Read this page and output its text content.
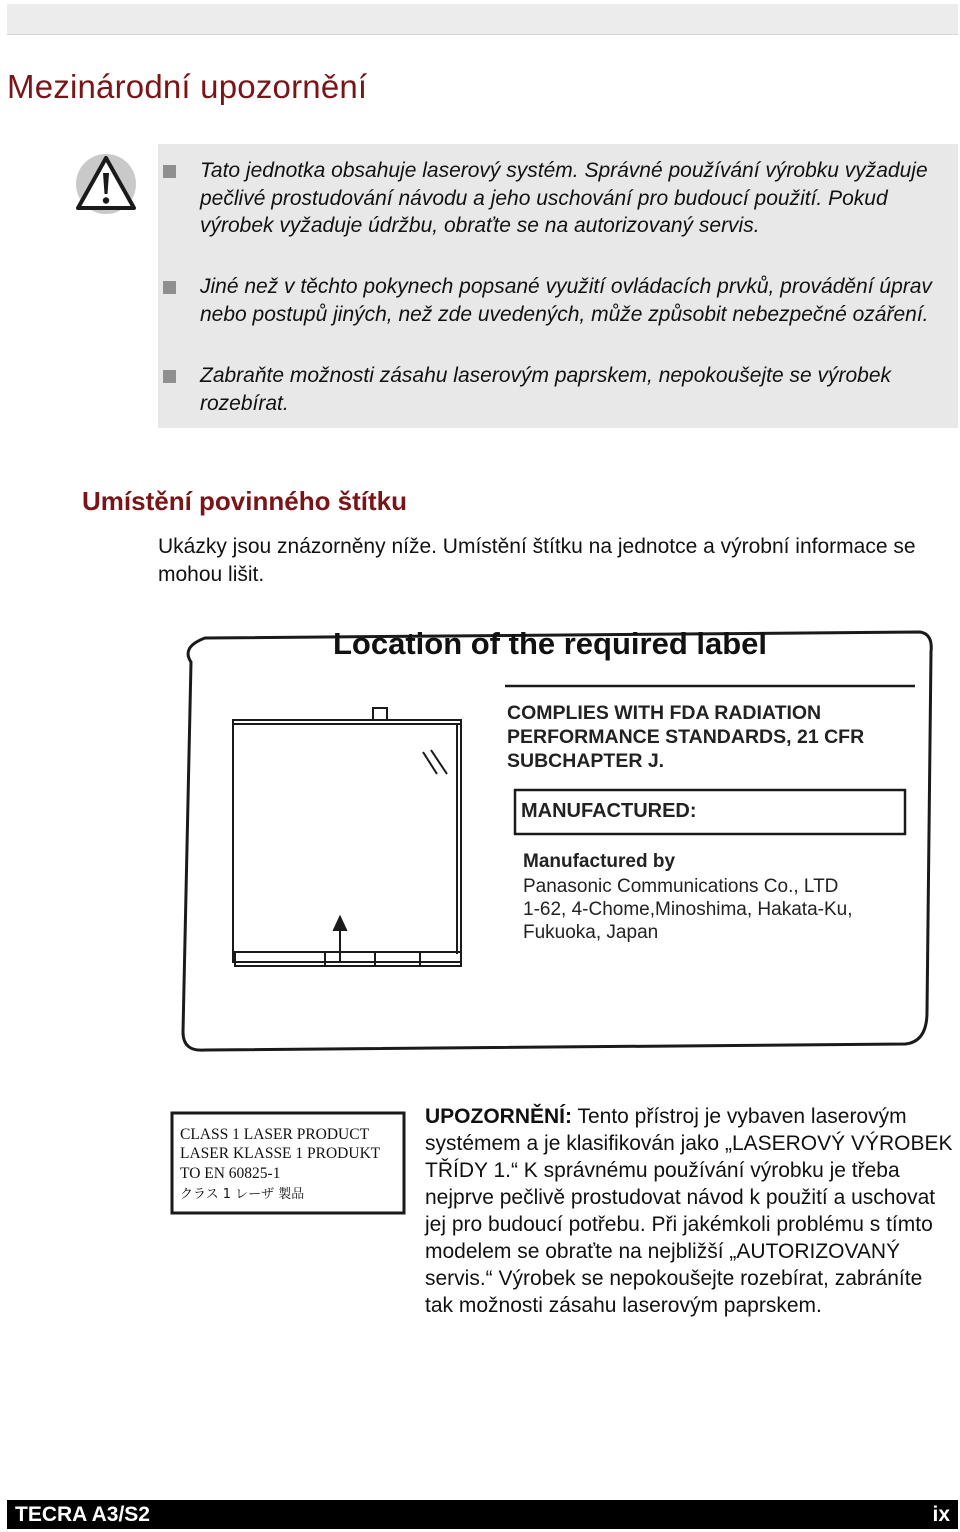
Mezinárodní upozornění
Tato jednotka obsahuje laserový systém. Správné používání výrobku vyžaduje pečlivé prostudování návodu a jeho uschování pro budoucí použití. Pokud výrobek vyžaduje údržbu, obraťte se na autorizovaný servis.
Jiné než v těchto pokynech popsané využití ovládacích prvků, provádění úprav nebo postupů jiných, než zde uvedených, může způsobit nebezpečné ozáření.
Zabraňte možnosti zásahu laserovým paprskem, nepokoušejte se výrobek rozebírat.
Umístění povinného štítku

Ukázky jsou znázorněny níže. Umístění štítku na jednotce a výrobní informace se mohou lišit.

Location of the required label
COMPLIES WITH FDA RADIATION
PERFORMANCE STANDARDS, 21 CFR
SUBCHAPTER J.
MANUFACTURED:
Manufactured by
Panasonic Communications Co., LTD
1-62, 4-Chome,Minoshima, Hakata-Ku,
Fukuoka, Japan
CLASS 1 LASER PRODUCT
LASER KLASSE 1 PRODUKT
TO EN 60825-1
クラス 1 レーザ 製品

UPOZORNĚNÍ: Tento přístroj je vybaven laserovým systémem a je klasifikován jako „LASEROVÝ VÝROBEK TŘÍDY 1.“ K správnému používání výrobku je třeba nejprve pečlivě prostudovat návod k použití a uschovat jej pro budoucí potřebu. Při jakémkoli problému s tímto modelem se obraťte na nejbližší „AUTORIZOVANÝ servis.“ Výrobek se nepokoušejte rozebírat, zabráníte tak možnosti zásahu laserovým paprskem.

TECRA A3/S2	ix
